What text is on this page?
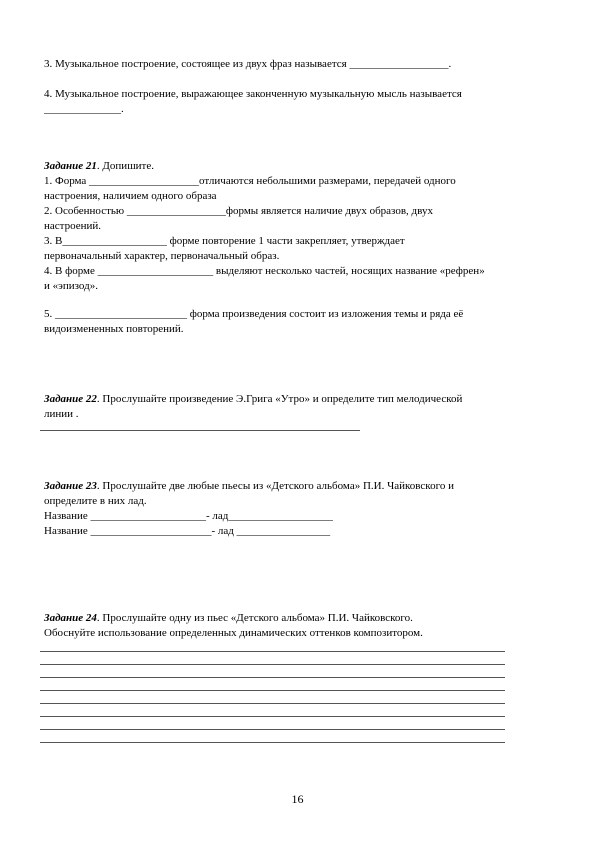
3. Музыкальное построение, состоящее из двух фраз называется __________________.
4. Музыкальное построение, выражающее законченную музыкальную мысль называется
______________.
Задание 21. Допишите.
1. Форма ____________________отличаются небольшими размерами, передачей одного
настроения, наличием одного образа
2. Особенностью __________________формы является наличие двух образов, двух
настроений.
3. В___________________ форме повторение 1 части закрепляет, утверждает
первоначальный характер, первоначальный образ.
4. В форме _____________________ выделяют несколько частей, носящих название «рефрен»
и «эпизод».
5. ________________________ форма произведения состоит из изложения темы и ряда её
видоизмененных повторений.
Задание 22. Прослушайте произведение Э.Грига «Утро» и определите тип мелодической
линии .
Задание 23. Прослушайте две любые пьесы из «Детского альбома» П.И. Чайковского и
определите в них лад.
Название _____________________- лад___________________
Название ______________________- лад _________________
Задание 24. Прослушайте одну из пьес «Детского альбома» П.И. Чайковского.
Обоснуйте использование определенных динамических оттенков композитором.
16
